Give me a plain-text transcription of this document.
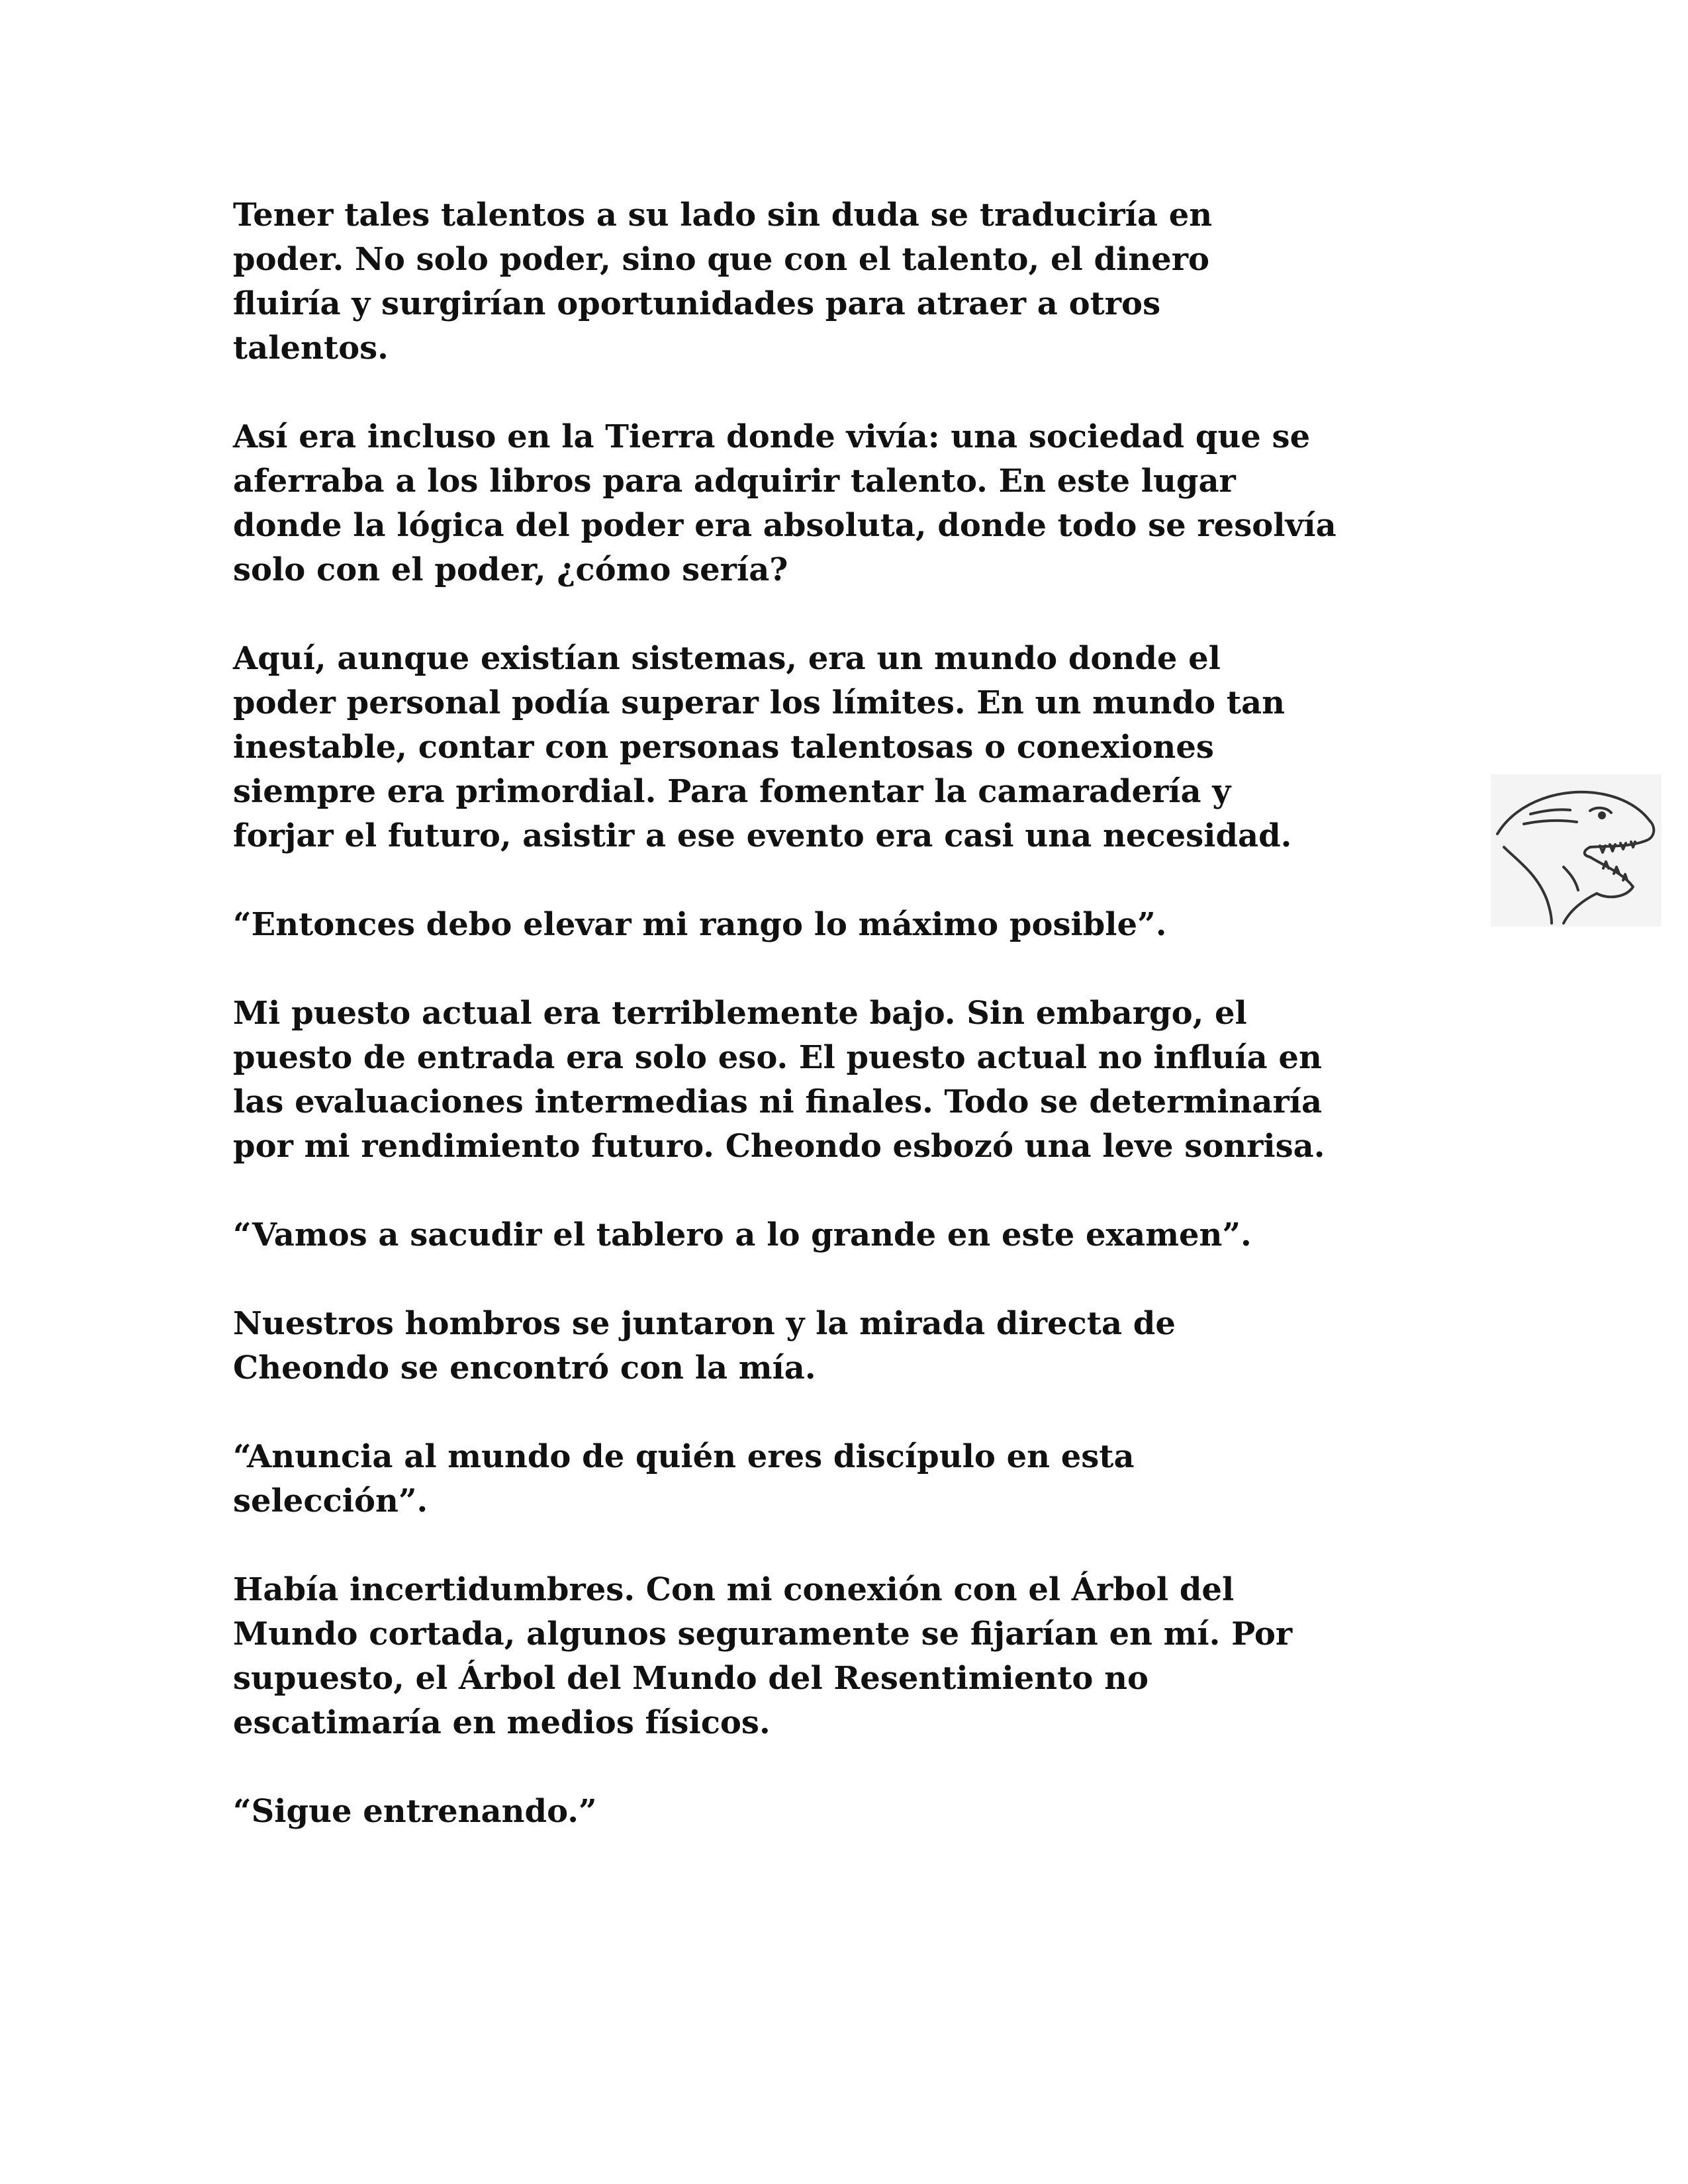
Tener tales talentos a su lado sin duda se traduciría en
poder. No solo poder, sino que con el talento, el dinero
fluiría y surgirían oportunidades para atraer a otros
talentos.

Así era incluso en la Tierra donde vivía: una sociedad que se
aferraba a los libros para adquirir talento. En este lugar
donde la lógica del poder era absoluta, donde todo se resolvía
solo con el poder, ¿cómo sería?

Aquí, aunque existían sistemas, era un mundo donde el
poder personal podía superar los límites. En un mundo tan
inestable, contar con personas talentosas o conexiones
siempre era primordial. Para fomentar la camaradería y
forjar el futuro, asistir a ese evento era casi una necesidad.

“Entonces debo elevar mi rango lo máximo posible”.

Mi puesto actual era terriblemente bajo. Sin embargo, el
puesto de entrada era solo eso. El puesto actual no influía en
las evaluaciones intermedias ni finales. Todo se determinaría
por mi rendimiento futuro. Cheondo esbozó una leve sonrisa.

“Vamos a sacudir el tablero a lo grande en este examen”.

Nuestros hombros se juntaron y la mirada directa de
Cheondo se encontró con la mía.

“Anuncia al mundo de quién eres discípulo en esta
selección”.

Había incertidumbres. Con mi conexión con el Árbol del
Mundo cortada, algunos seguramente se fijarían en mí. Por
supuesto, el Árbol del Mundo del Resentimiento no
escatimaría en medios físicos.

“Sigue entrenando.”
